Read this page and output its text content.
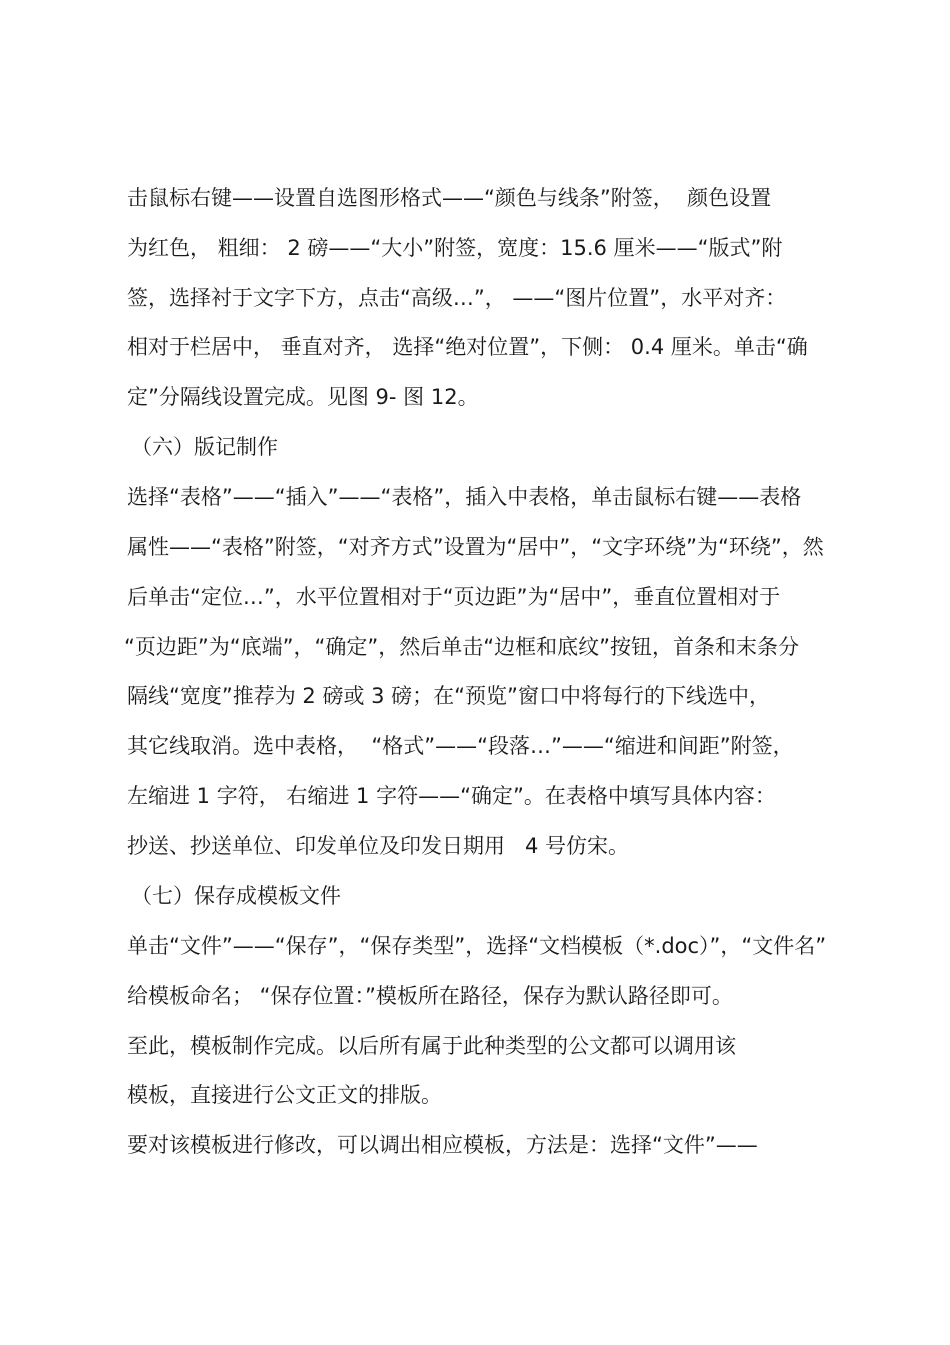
击鼠标右键——设置自选图形格式——“颜色与线条”附签，  颜色设置

为红色， 粗细： 2 磅——“大小”附签，宽度：15.6 厘米——“版式”附

签，选择衬于文字下方，点击“高级…”， ——“图片位置”，水平对齐：

相对于栏居中， 垂直对齐， 选择“绝对位置”，下侧： 0.4 厘米。单击“确

定”分隔线设置完成。见图 9- 图 12。

（六）版记制作

选择“表格”——“插入”——“表格”，插入中表格，单击鼠标右键——表格

属性——“表格”附签，“对齐方式”设置为“居中”，“文字环绕”为“环绕”，然

后单击“定位…”，水平位置相对于“页边距”为“居中”，垂直位置相对于

“页边距”为“底端”，“确定”，然后单击“边框和底纹”按钮，首条和末条分

隔线“宽度”推荐为 2 磅或 3 磅；在“预览”窗口中将每行的下线选中，

其它线取消。选中表格，  “格式”——“段落…”——“缩进和间距”附签，

左缩进 1 字符， 右缩进 1 字符——“确定”。在表格中填写具体内容：

抄送、抄送单位、印发单位及印发日期用   4 号仿宋。

（七）保存成模板文件

单击“文件”——“保存”，“保存类型”，选择“文档模板（*.doc）”，“文件名”

给模板命名； “保存位置：”模板所在路径，保存为默认路径即可。

至此，模板制作完成。以后所有属于此种类型的公文都可以调用该

模板，直接进行公文正文的排版。

要对该模板进行修改，可以调出相应模板，方法是：选择“文件”——
